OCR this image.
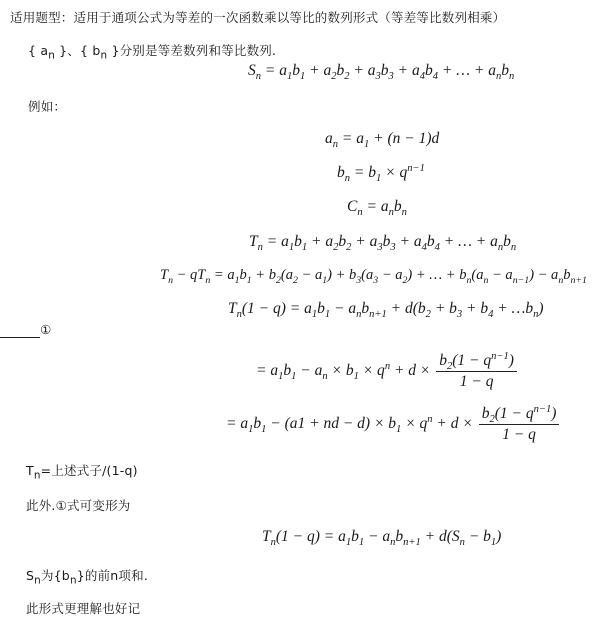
适用题型：适用于通项公式为等差的一次函数乘以等比的数列形式（等差等比数列相乘）
{ $a_n$ }、{ $b_n$ }分别是等差数列和等比数列.
$S_n = a_1b_1 + a_2b_2 + a_3b_3 + a_4b_4$ + … + $a_nb_n$
例如：
$a_n = a_1 + (n - 1)d$
$b_n = b_1 \times q^{n-1}$
$C_n = a_nb_n$
$T_n = a_1b_1 + a_2b_2 + a_3b_3 + a_4b_4$ + … + $a_nb_n$
$T_n - qT_n = a_1b_1 + b_2(a_2 - a_1) + b_3(a_3 - a_2)$ + … + $b_n(a_n - a_{n-1}) - a_nb_{n+1}$
$T_n(1 - q) = a_1b_1 - a_nb_{n+1} + d(b_2 + b_3 + b_4$ + $\dots b_n$)
①
= $a_1b_1 - a_n \times b_1 \times q^n + d \times \frac{b_2(1 - q^{n-1})}{1 - q}$
= $a_1b_1 - (a1$ + nd − $d) \times b_1 \times q^n + d \times \frac{b_2(1 - q^{n-1})}{1 - q}$
$T_n=$上述式子/(1-q)
此外.①式可变形为
$T_n(1 - q) = a_1b_1 - a_nb_{n+1} + d(S_n - b_1)$
$S_n$为$\{b_n\}$的前n项和.
此形式更理解也好记
